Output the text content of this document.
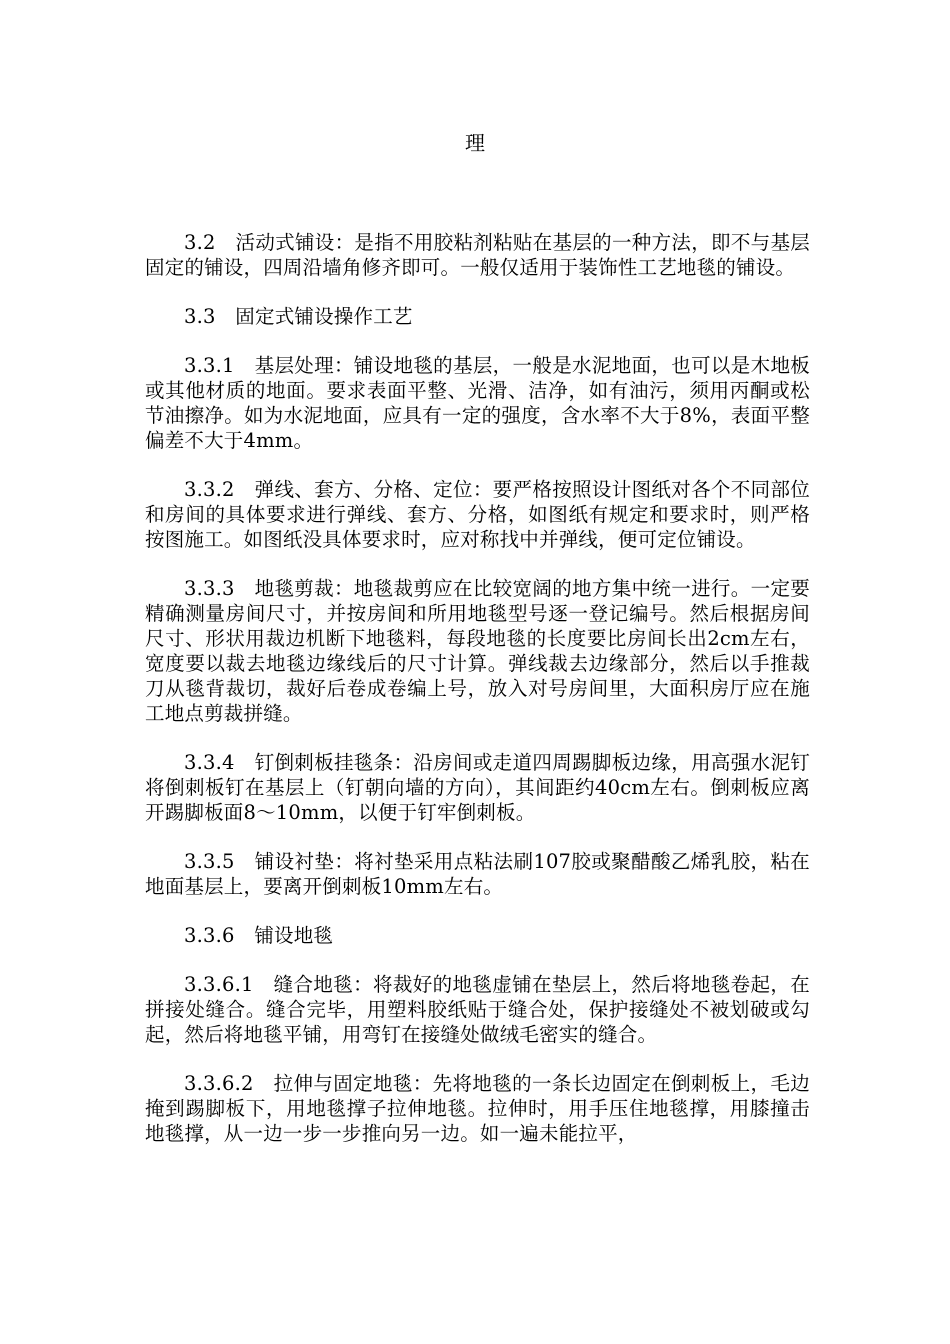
理

3.2　活动式铺设：是指不用胶粘剂粘贴在基层的一种方法，即不与基层固定的铺设，四周沿墙角修齐即可。一般仅适用于装饰性工艺地毯的铺设。

3.3　固定式铺设操作工艺

3.3.1　基层处理：铺设地毯的基层，一般是水泥地面，也可以是木地板或其他材质的地面。要求表面平整、光滑、洁净，如有油污，须用丙酮或松节油擦净。如为水泥地面，应具有一定的强度，含水率不大于8%，表面平整偏差不大于4mm。

3.3.2　弹线、套方、分格、定位：要严格按照设计图纸对各个不同部位和房间的具体要求进行弹线、套方、分格，如图纸有规定和要求时，则严格按图施工。如图纸没具体要求时，应对称找中并弹线，便可定位铺设。

3.3.3　地毯剪裁：地毯裁剪应在比较宽阔的地方集中统一进行。一定要精确测量房间尺寸，并按房间和所用地毯型号逐一登记编号。然后根据房间尺寸、形状用裁边机断下地毯料，每段地毯的长度要比房间长出2cm左右，宽度要以裁去地毯边缘线后的尺寸计算。弹线裁去边缘部分，然后以手推裁刀从毯背裁切，裁好后卷成卷编上号，放入对号房间里，大面积房厅应在施工地点剪裁拼缝。

3.3.4　钉倒刺板挂毯条：沿房间或走道四周踢脚板边缘，用高强水泥钉将倒刺板钉在基层上（钉朝向墙的方向），其间距约40cm左右。倒刺板应离开踢脚板面8～10mm，以便于钉牢倒刺板。

3.3.5　铺设衬垫：将衬垫采用点粘法刷107胶或聚醋酸乙烯乳胶，粘在地面基层上，要离开倒刺板10mm左右。

3.3.6　铺设地毯

3.3.6.1　缝合地毯：将裁好的地毯虚铺在垫层上，然后将地毯卷起，在拼接处缝合。缝合完毕，用塑料胶纸贴于缝合处，保护接缝处不被划破或勾起，然后将地毯平铺，用弯钉在接缝处做绒毛密实的缝合。

3.3.6.2　拉伸与固定地毯：先将地毯的一条长边固定在倒刺板上，毛边掩到踢脚板下，用地毯撑子拉伸地毯。拉伸时，用手压住地毯撑，用膝撞击地毯撑，从一边一步一步推向另一边。如一遍未能拉平，
